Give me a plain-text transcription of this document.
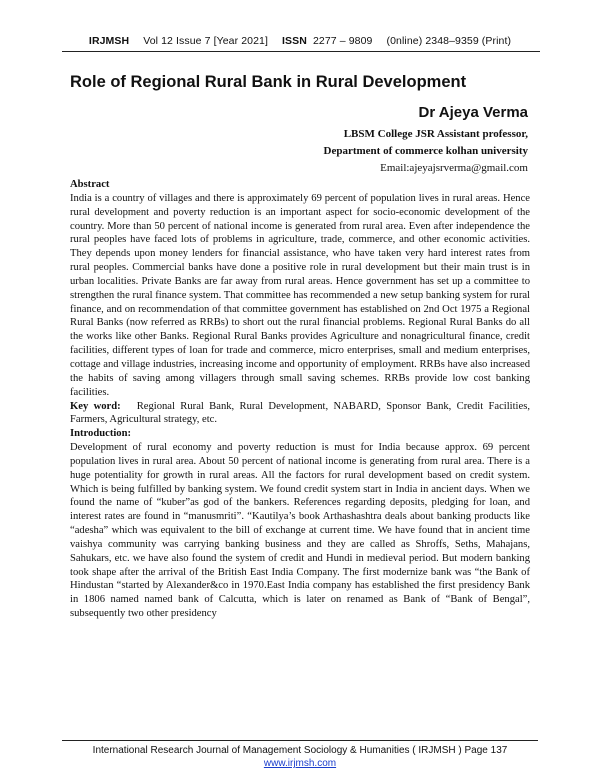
IRJMSH Vol 12 Issue 7 [Year 2021] ISSN 2277 – 9809 (0nline) 2348–9359 (Print)
Role of Regional Rural Bank in Rural Development
Dr Ajeya Verma
LBSM College JSR Assistant professor,
Department of commerce kolhan university
Email:ajeyajsrverma@gmail.com
Abstract

India is a country of villages and there is approximately 69 percent of population lives in rural areas. Hence rural development and poverty reduction is an important aspect for socio-economic development of the country. More than 50 percent of national income is generated from rural area. Even after independence the rural peoples have faced lots of problems in agriculture, trade, commerce, and other economic activities. They depends upon money lenders for financial assistance, who have taken very hard interest rates from rural peoples. Commercial banks have done a positive role in rural development but their main trust is in urban localities. Private Banks are far away from rural areas. Hence government has set up a committee to strengthen the rural finance system. That committee has recommended a new setup banking system for rural finance, and on recommendation of that committee government has established on 2nd Oct 1975 a Regional Rural Banks (now referred as RRBs) to short out the rural financial problems. Regional Rural Banks do all the works like other Banks. Regional Rural Banks provides Agriculture and nonagricultural finance, credit facilities, different types of loan for trade and commerce, micro enterprises, small and medium enterprises, cottage and village industries, increasing income and opportunity of employment. RRBs have also increased the habits of saving among villagers through small saving schemes. RRBs provide low cost banking facilities.

Key word: Regional Rural Bank, Rural Development, NABARD, Sponsor Bank, Credit Facilities, Farmers, Agricultural strategy, etc.

Introduction:

Development of rural economy and poverty reduction is must for India because approx. 69 percent population lives in rural area. About 50 percent of national income is generating from rural area. There is a huge potentiality for growth in rural areas. All the factors for rural development based on credit system. Which is being fulfilled by banking system. We found credit system start in India in ancient days. When we found the name of “kuber”as god of the bankers. References regarding deposits, pledging for loan, and interest rates are found in “manusmriti”. “Kautilya’s book Arthashashtra deals about banking products like “adesha” which was equivalent to the bill of exchange at current time. We have found that in ancient time vaishya community was carrying banking business and they are called as Shroffs, Seths, Mahajans, Sahukars, etc. we have also found the system of credit and Hundi in medieval period. But modern banking took shape after the arrival of the British East India Company. The first modernize bank was “the Bank of Hindustan “started by Alexander&co in 1970.East India company has established the first presidency Bank in 1806 named named bank of Calcutta, which is later on renamed as Bank of “Bank of Bengal”, subsequently two other presidency

International Research Journal of Management Sociology & Humanities ( IRJMSH ) Page 137
www.irjmsh.com
